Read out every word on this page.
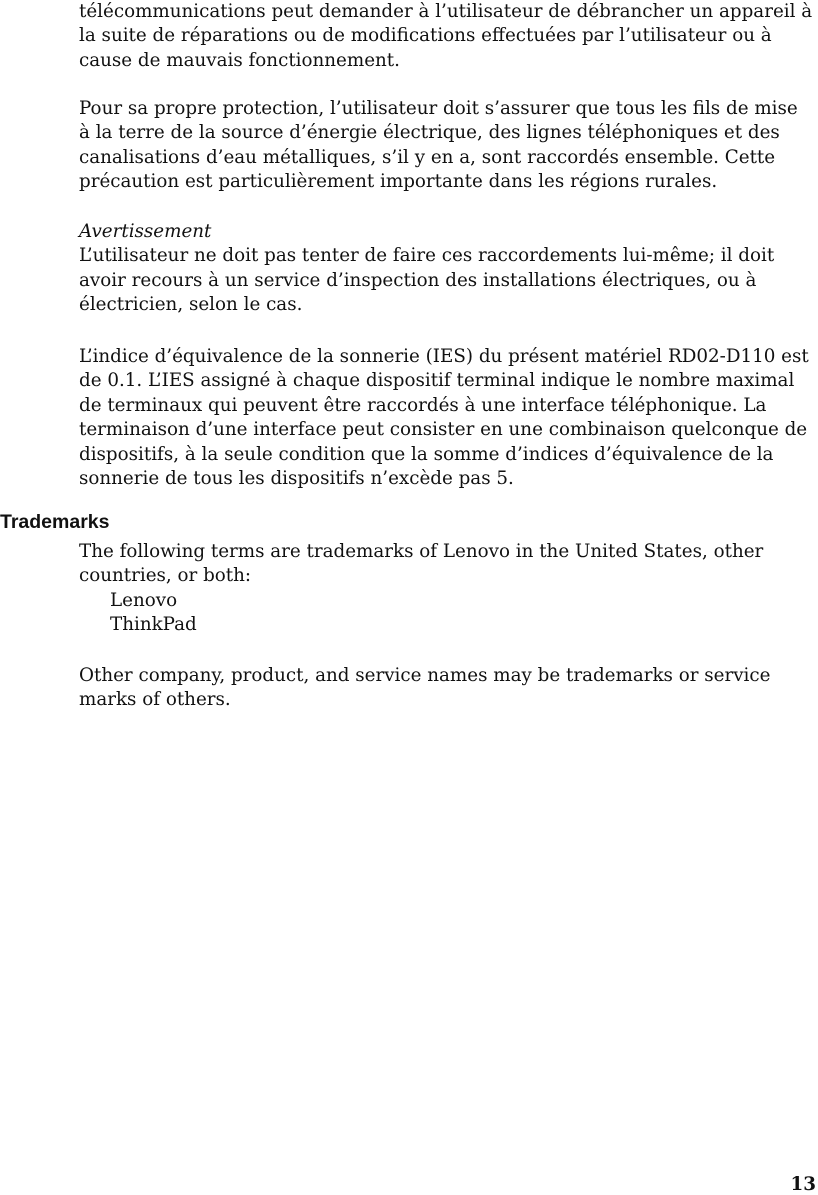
télécommunications peut demander à l’utilisateur de débrancher un appareil à
la suite de réparations ou de modifications effectuées par l’utilisateur ou à
cause de mauvais fonctionnement.
Pour sa propre protection, l’utilisateur doit s’assurer que tous les fils de mise
à la terre de la source d’énergie électrique, des lignes téléphoniques et des
canalisations d’eau métalliques, s’il y en a, sont raccordés ensemble. Cette
précaution est particulièrement importante dans les régions rurales.
Avertissement
L’utilisateur ne doit pas tenter de faire ces raccordements lui-même; il doit
avoir recours à un service d’inspection des installations électriques, ou à
électricien, selon le cas.
L’indice d’équivalence de la sonnerie (IES) du présent matériel RD02-D110 est
de 0.1. L’IES assigné à chaque dispositif terminal indique le nombre maximal
de terminaux qui peuvent être raccordés à une interface téléphonique. La
terminaison d’une interface peut consister en une combinaison quelconque de
dispositifs, à la seule condition que la somme d’indices d’équivalence de la
sonnerie de tous les dispositifs n’excède pas 5.
Trademarks
The following terms are trademarks of Lenovo in the United States, other
countries, or both:
Lenovo
ThinkPad
Other company, product, and service names may be trademarks or service
marks of others.
13
